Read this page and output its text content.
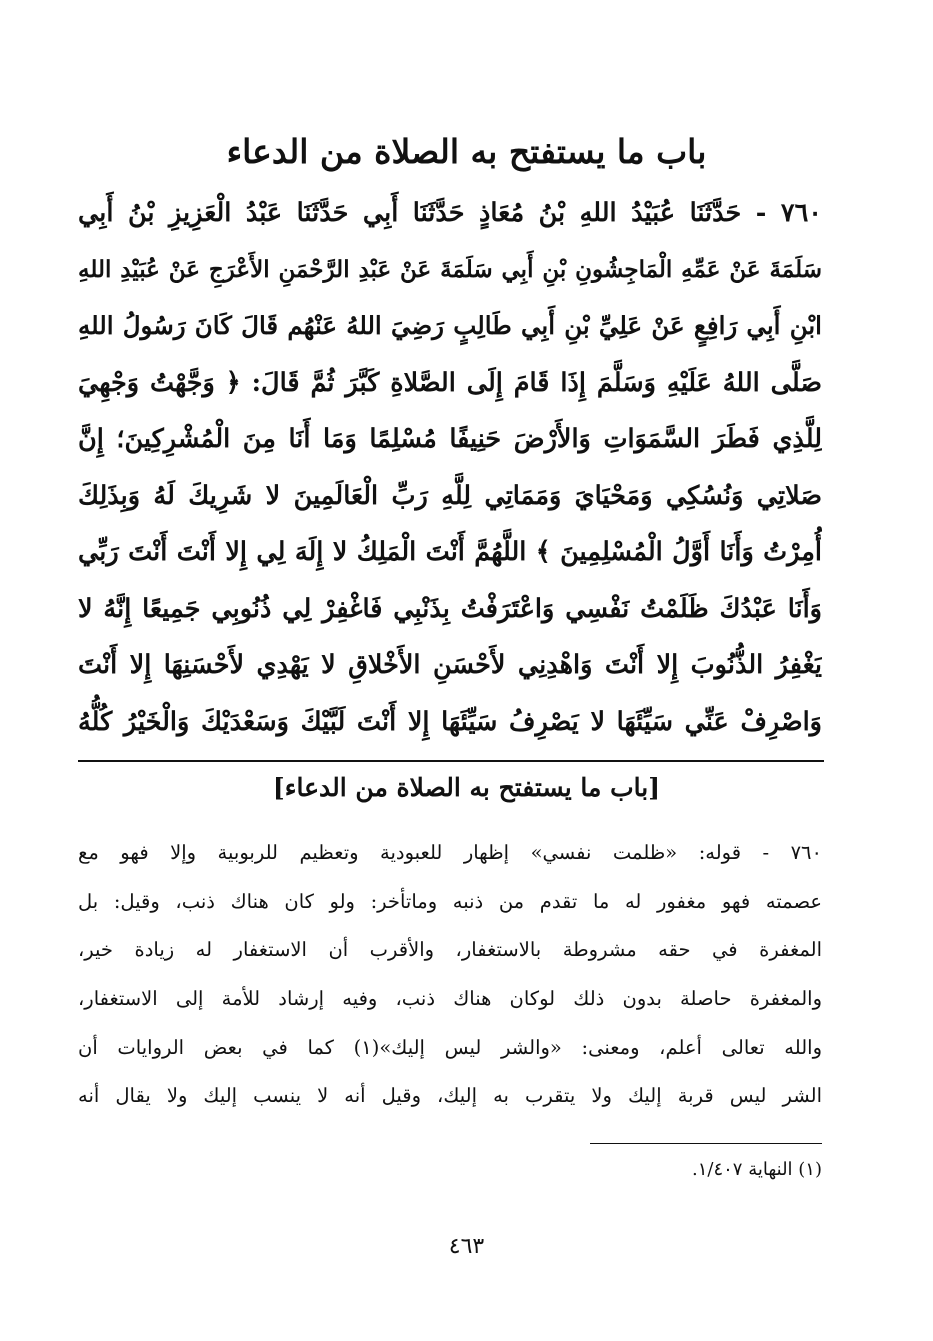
باب ما يستفتح به الصلاة من الدعاء
٧٦٠ - حَدَّثَنَا عُبَيْدُ اللهِ بْنُ مُعَاذٍ حَدَّثَنَا أَبِي حَدَّثَنَا عَبْدُ الْعَزِيزِ بْنُ أَبِي
سَلَمَةَ عَنْ عَمِّهِ الْمَاجِشُونِ بْنِ أَبِي سَلَمَةَ عَنْ عَبْدِ الرَّحْمَنِ الأَعْرَجِ عَنْ عُبَيْدِ اللهِ
ابْنِ أَبِي رَافِعٍ عَنْ عَلِيِّ بْنِ أَبِي طَالِبٍ رَضِيَ اللهُ عَنْهُم قَالَ كَانَ رَسُولُ اللهِ
صَلَّى اللهُ عَلَيْهِ وَسَلَّمَ إِذَا قَامَ إِلَى الصَّلاةِ كَبَّرَ ثُمَّ قَالَ: ﴿ وَجَّهْتُ وَجْهِيَ
لِلَّذِي فَطَرَ السَّمَوَاتِ وَالأَرْضَ حَنِيفًا مُسْلِمًا وَمَا أَنَا مِنَ الْمُشْرِكِينَ؛ إِنَّ
صَلاتِي وَنُسُكِي وَمَحْيَايَ وَمَمَاتِي لِلَّهِ رَبِّ الْعَالَمِينَ لا شَرِيكَ لَهُ وَبِذَلِكَ
أُمِرْتُ وَأَنَا أَوَّلُ الْمُسْلِمِينَ ﴾ اللَّهُمَّ أَنْتَ الْمَلِكُ لا إِلَهَ لِي إِلا أَنْتَ أَنْتَ رَبِّي
وَأَنَا عَبْدُكَ ظَلَمْتُ نَفْسِي وَاعْتَرَفْتُ بِذَنْبِي فَاغْفِرْ لِي ذُنُوبِي جَمِيعًا إِنَّهُ لا
يَغْفِرُ الذُّنُوبَ إِلا أَنْتَ وَاهْدِنِي لأَحْسَنِ الأَخْلاقِ لا يَهْدِي لأَحْسَنِهَا إِلا أَنْتَ
وَاصْرِفْ عَنِّي سَيِّئَهَا لا يَصْرِفُ سَيِّئَهَا إِلا أَنْتَ لَبَّيْكَ وَسَعْدَيْكَ وَالْخَيْرُ كُلُّهُ
[باب ما يستفتح به الصلاة من الدعاء]
٧٦٠ - قوله: «ظلمت نفسي» إظهار للعبودية وتعظيم للربوبية وإلا فهو مع
عصمته فهو مغفور له ما تقدم من ذنبه وماتأخر: ولو كان هناك ذنب، وقيل: بل
المغفرة في حقه مشروطة بالاستغفار، والأقرب أن الاستغفار له زيادة خير،
والمغفرة حاصلة بدون ذلك لوكان هناك ذنب، وفيه إرشاد للأمة إلى الاستغفار،
والله تعالى أعلم، ومعنى: «والشر ليس إليك»(١) كما في بعض الروايات أن
الشر ليس قربة إليك ولا يتقرب به إليك، وقيل أنه لا ينسب إليك ولا يقال أنه
(١) النهاية ١/٤٠٧.
٤٦٣
